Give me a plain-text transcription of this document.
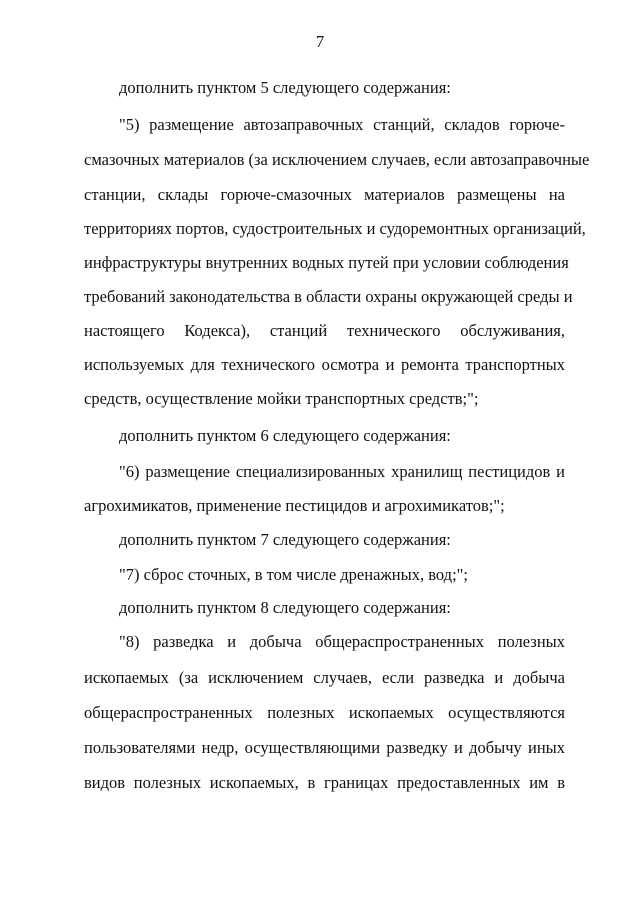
7
дополнить пунктом 5 следующего содержания:
"5) размещение автозаправочных станций, складов горюче-
смазочных материалов (за исключением случаев, если автозаправочные
станции, склады горюче-смазочных материалов размещены на
территориях портов, судостроительных и судоремонтных организаций,
инфраструктуры внутренних водных путей при условии соблюдения
требований законодательства в области охраны окружающей среды и
настоящего Кодекса), станций технического обслуживания,
используемых для технического осмотра и ремонта транспортных
средств, осуществление мойки транспортных средств;";
дополнить пунктом 6 следующего содержания:
"6) размещение специализированных хранилищ пестицидов и
агрохимикатов, применение пестицидов и агрохимикатов;";
дополнить пунктом 7 следующего содержания:
"7) сброс сточных, в том числе дренажных, вод;";
дополнить пунктом 8 следующего содержания:
"8) разведка и добыча общераспространенных полезных
ископаемых (за исключением случаев, если разведка и добыча
общераспространенных полезных ископаемых осуществляются
пользователями недр, осуществляющими разведку и добычу иных
видов полезных ископаемых, в границах предоставленных им в
